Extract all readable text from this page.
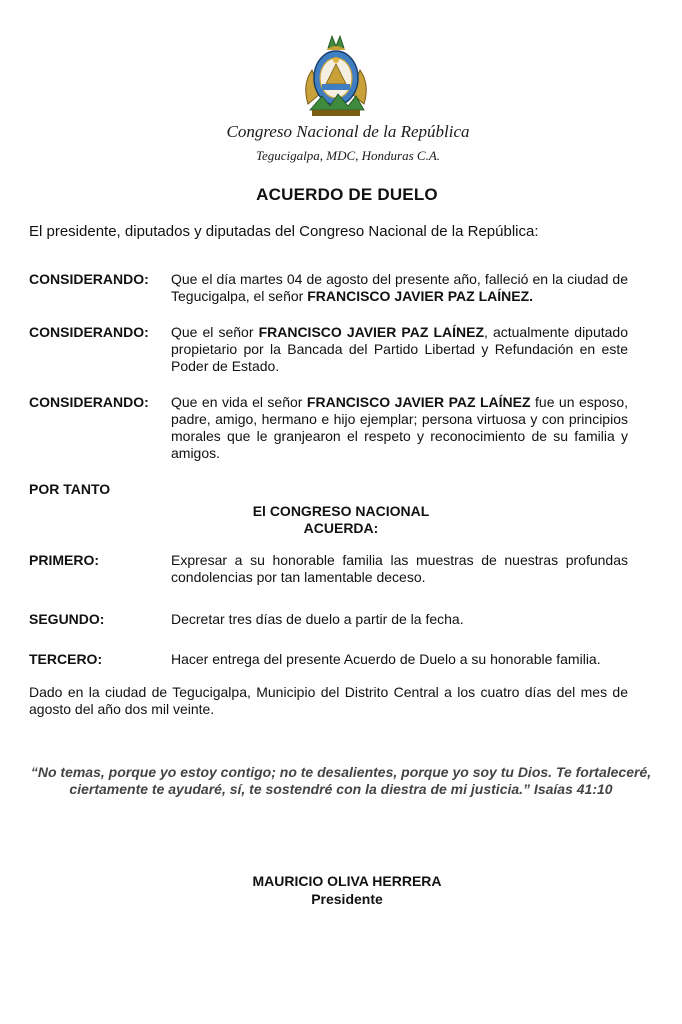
Congreso Nacional de la República
Tegucigalpa, MDC, Honduras C.A.
ACUERDO DE DUELO
El presidente, diputados y diputadas del Congreso Nacional de la República:
CONSIDERANDO: Que el día martes 04 de agosto del presente año, falleció en la ciudad de Tegucigalpa, el señor FRANCISCO JAVIER PAZ LAÍNEZ.
CONSIDERANDO: Que el señor FRANCISCO JAVIER PAZ LAÍNEZ, actualmente diputado propietario por la Bancada del Partido Libertad y Refundación en este Poder de Estado.
CONSIDERANDO: Que en vida el señor FRANCISCO JAVIER PAZ LAÍNEZ fue un esposo, padre, amigo, hermano e hijo ejemplar; persona virtuosa y con principios morales que le granjearon el respeto y reconocimiento de su familia y amigos.
POR TANTO
El CONGRESO NACIONAL
ACUERDA:
PRIMERO:	Expresar a su honorable familia las muestras de nuestras profundas condolencias por tan lamentable deceso.
SEGUNDO:	Decretar tres días de duelo a partir de la fecha.
TERCERO:	Hacer entrega del presente Acuerdo de Duelo a su honorable familia.
Dado en la ciudad de Tegucigalpa, Municipio del Distrito Central a los cuatro días del mes de agosto del año dos mil veinte.
“No temas, porque yo estoy contigo; no te desalientes, porque yo soy tu Dios. Te fortaleceré,
ciertamente te ayudaré, sí, te sostendré con la diestra de mi justicia.” Isaías 41:10
MAURICIO OLIVA HERRERA
Presidente
